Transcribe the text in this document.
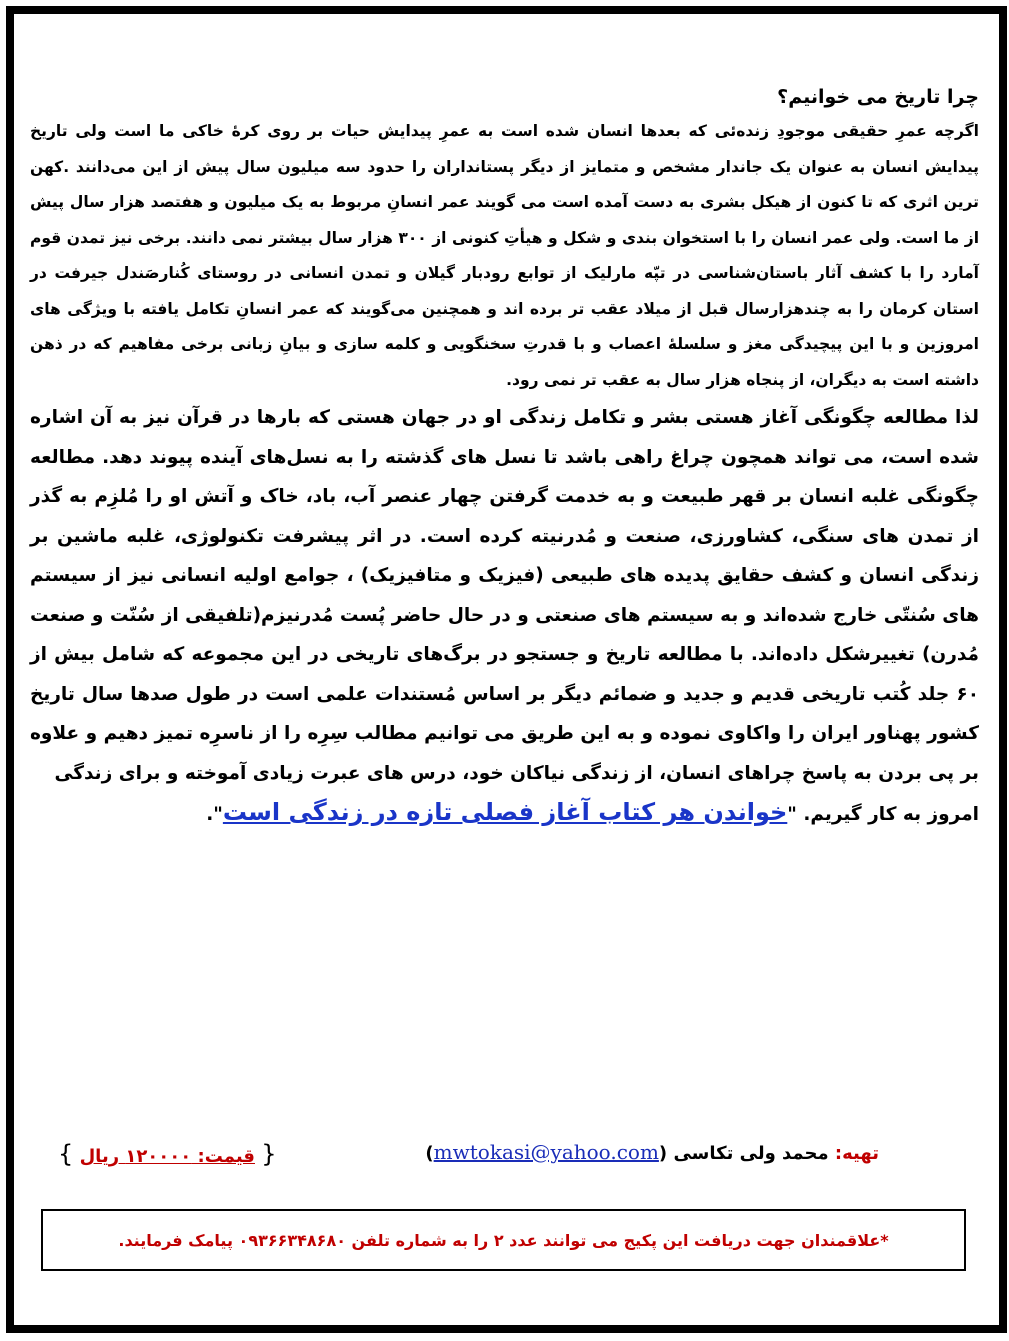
چرا تاریخ می خوانیم؟

اگرچه عمرِ حقیقی موجودِ زنده‌ئی که بعدها انسان شده است به عمرِ پیدایش حیات بر روی کرهٔ خاکی ما است ولی تاریخ پیدایش انسان به عنوان یک جاندار مشخص و متمایز از دیگر پستانداران را حدود سه میلیون سال پیش از این می‌دانند .کهن ترین اثری که تا کنون از هیکل بشری به دست آمده است می گویند عمر انسانِ مربوط به یک میلیون و هفتصد هزار سال پیش از ما است. ولی عمر انسان را با استخوان بندی و شکل و هیأتِ کنونی از ۳۰۰ هزار سال بیشتر نمی دانند. برخی نیز تمدن قوم آمارد را با کشف آثار باستان‌شناسی در تپّه مارلیک از توابع رودبار گیلان و تمدن انسانی در روستای کُنارصَندل جیرفت در استان کرمان را به چندهزارسال قبل از میلاد عقب تر برده اند و همچنین می‌گویند که عمر انسانِ تکامل یافته با ویژگی های امروزین و با این پیچیدگی مغز و سلسلهٔ اعصاب و با قدرتِ سخنگویی و کلمه سازی و بیانِ زبانی برخی مفاهیم که در ذهن داشته است به دیگران، از پنجاه هزار سال به عقب تر نمی رود.

لذا مطالعه چگونگی آغاز هستی بشر و تکامل زندگی او در جهان هستی که بارها در قرآن نیز به آن اشاره شده است، می تواند همچون چراغ راهی باشد تا نسل های گذشته را به نسل‌های آینده پیوند دهد. مطالعه چگونگی غلبه انسان بر قهر طبیعت و به خدمت گرفتن چهار عنصر آب، باد، خاک و آتش او را مُلزِم به گذر از تمدن های سنگی، کشاورزی، صنعت و مُدرنیته کرده است. در اثر پیشرفت تکنولوژی، غلبه ماشین بر زندگی انسان و کشف حقایق پدیده های طبیعی (فیزیک و متافیزیک) ، جوامع اولیه انسانی نیز از سیستم های سُنتّی خارج شده‌اند و به سیستم های صنعتی و در حال حاضر پُست مُدرنیزم(تلفیقی از سُنّت و صنعت مُدرن) تغییرشکل داده‌اند. با مطالعه تاریخ و جستجو در برگ‌های تاریخی در این مجموعه که شامل بیش از ۶۰ جلد کُتب تاریخی قدیم و جدید و ضمائم دیگر بر اساس مُستندات علمی است در طول صدها سال تاریخ کشور پهناور ایران را واکاوی نموده و به این طریق می توانیم مطالب سِرِه را از ناسرِه تمیز دهیم و علاوه بر پی بردن به پاسخ چراهای انسان، از زندگی نیاکان خود، درس های عبرت زیادی آموخته و برای زندگی

امروز به کار گیریم. "خواندن هر کتاب آغاز فصلی تازه در زندگی است".

تهیه: محمد ولی تکاسی (mwtokasi@yahoo.com)
{ قیمت: ۱۲۰۰۰۰ ریال }
*علاقمندان جهت دریافت این پکیج می توانند عدد ۲ را به شماره تلفن ۰۹۳۶۶۳۴۸۶۸۰ پیامک فرمایند.
